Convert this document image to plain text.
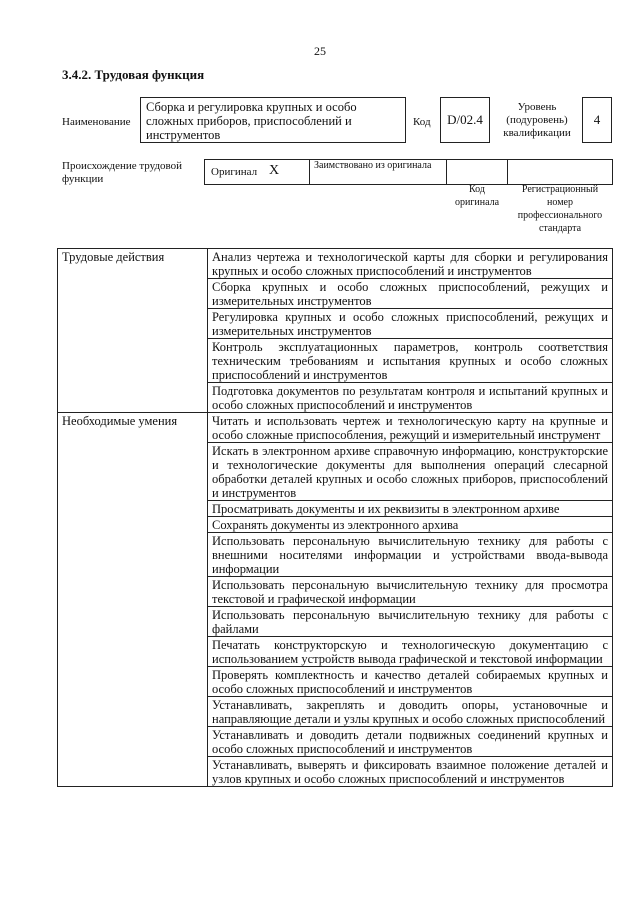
25
3.4.2. Трудовая функция
Наименование
Сборка и регулировка крупных и особо сложных приборов, приспособлений и инструментов
Код	D/02.4
Уровень (подуровень) квалификации
4
Происхождение трудовой функции
Оригинал X	Заимствовано из оригинала
Код оригинала
Регистрационный номер профессионального стандарта
Трудовые действия	Анализ чертежа и технологической карты для сборки и регулирования крупных и особо сложных приспособлений и инструментов
	Сборка крупных и особо сложных приспособлений, режущих и измерительных инструментов
	Регулировка крупных и особо сложных приспособлений, режущих и измерительных инструментов
	Контроль эксплуатационных параметров, контроль соответствия техническим требованиям и испытания крупных и особо сложных приспособлений и инструментов
	Подготовка документов по результатам контроля и испытаний крупных и особо сложных приспособлений и инструментов
Необходимые умения	Читать и использовать чертеж и технологическую карту на крупные и особо сложные приспособления, режущий и измерительный инструмент
	Искать в электронном архиве справочную информацию, конструкторские и технологические документы для выполнения операций слесарной обработки деталей крупных и особо сложных приборов, приспособлений и инструментов
	Просматривать документы и их реквизиты в электронном архиве
	Сохранять документы из электронного архива
	Использовать персональную вычислительную технику для работы с внешними носителями информации и устройствами ввода-вывода информации
	Использовать персональную вычислительную технику для просмотра текстовой и графической информации
	Использовать персональную вычислительную технику для работы с файлами
	Печатать конструкторскую и технологическую документацию с использованием устройств вывода графической и текстовой информации
	Проверять комплектность и качество деталей собираемых крупных и особо сложных приспособлений и инструментов
	Устанавливать, закреплять и доводить опоры, установочные и направляющие детали и узлы крупных и особо сложных приспособлений
	Устанавливать и доводить детали подвижных соединений крупных и особо сложных приспособлений и инструментов
	Устанавливать, выверять и фиксировать взаимное положение деталей и узлов крупных и особо сложных приспособлений и инструментов
